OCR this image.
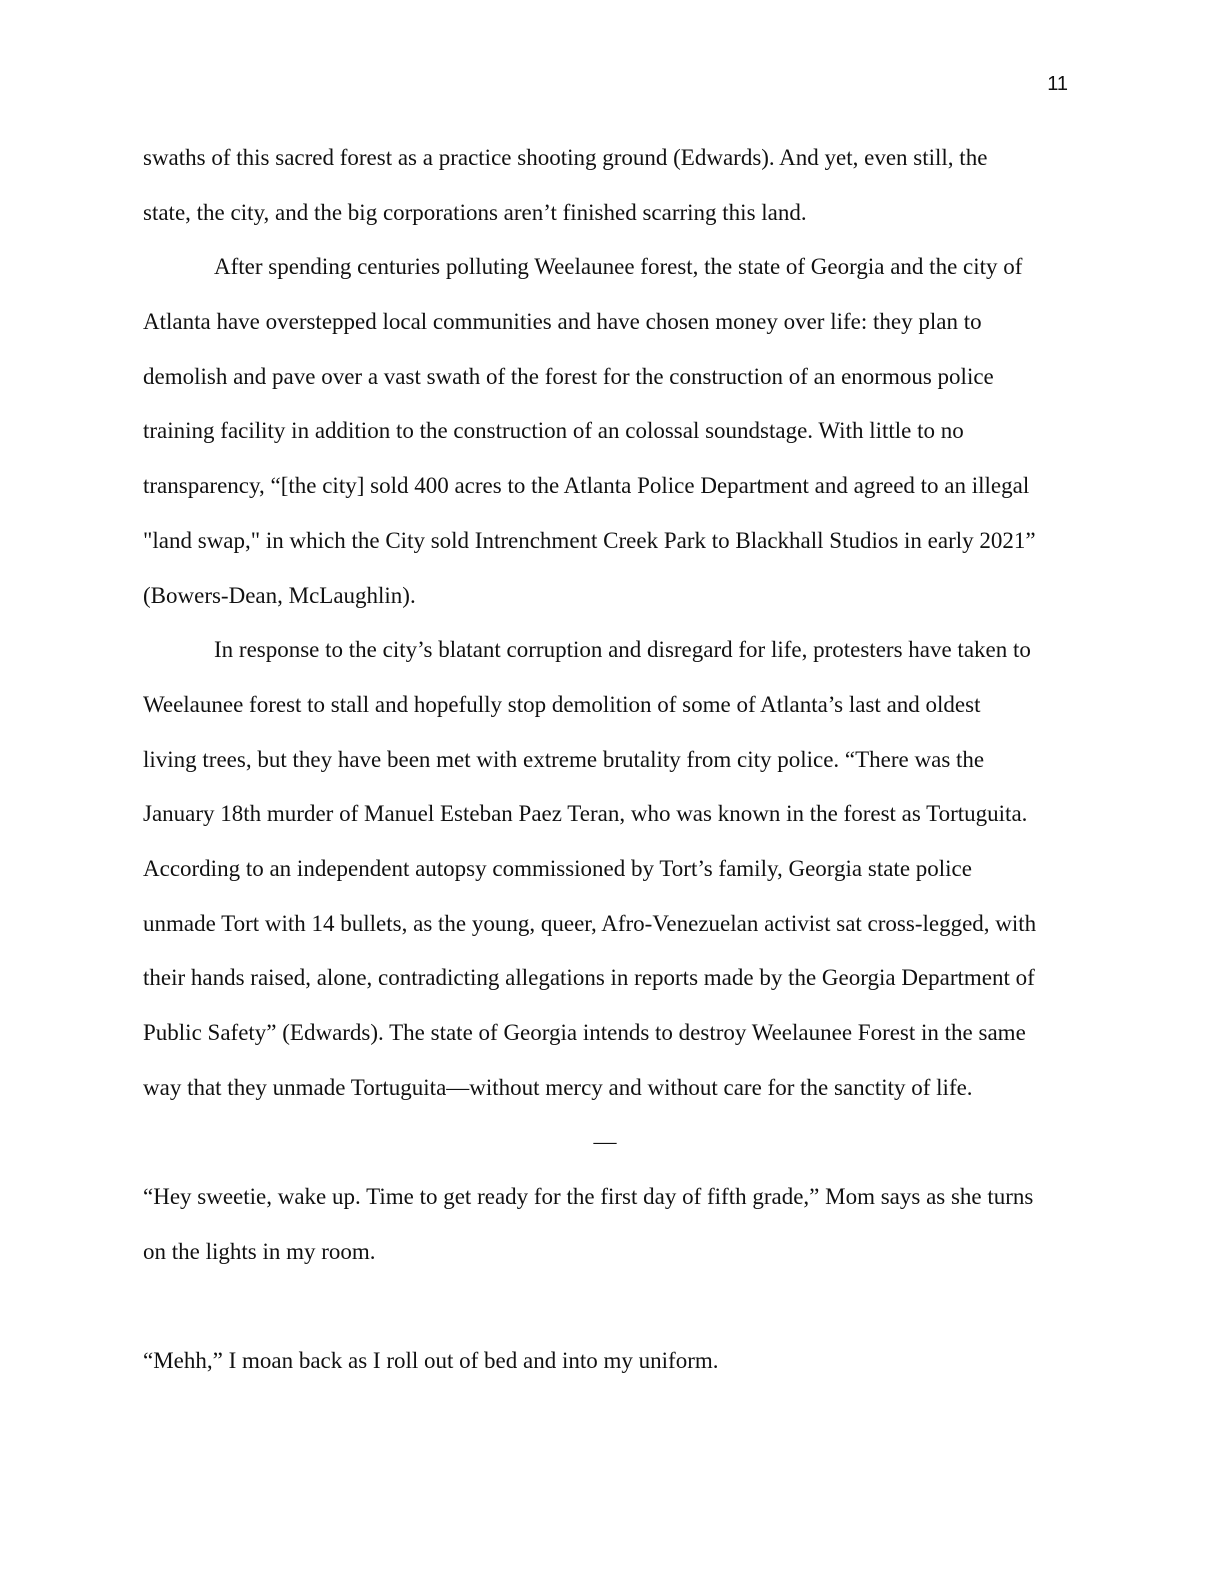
11
swaths of this sacred forest as a practice shooting ground (Edwards). And yet, even still, the
state, the city, and the big corporations aren’t finished scarring this land.
After spending centuries polluting Weelaunee forest, the state of Georgia and the city of
Atlanta have overstepped local communities and have chosen money over life: they plan to
demolish and pave over a vast swath of the forest for the construction of an enormous police
training facility in addition to the construction of an colossal soundstage. With little to no
transparency, “[the city] sold 400 acres to the Atlanta Police Department and agreed to an illegal
"land swap," in which the City sold Intrenchment Creek Park to Blackhall Studios in early 2021”
(Bowers-Dean, McLaughlin).
In response to the city’s blatant corruption and disregard for life, protesters have taken to
Weelaunee forest to stall and hopefully stop demolition of some of Atlanta’s last and oldest
living trees, but they have been met with extreme brutality from city police. “There was the
January 18th murder of Manuel Esteban Paez Teran, who was known in the forest as Tortuguita.
According to an independent autopsy commissioned by Tort’s family, Georgia state police
unmade Tort with 14 bullets, as the young, queer, Afro-Venezuelan activist sat cross-legged, with
their hands raised, alone, contradicting allegations in reports made by the Georgia Department of
Public Safety” (Edwards). The state of Georgia intends to destroy Weelaunee Forest in the same
way that they unmade Tortuguita—without mercy and without care for the sanctity of life.
—
“Hey sweetie, wake up. Time to get ready for the first day of fifth grade,” Mom says as she turns
on the lights in my room.
“Mehh,” I moan back as I roll out of bed and into my uniform.
